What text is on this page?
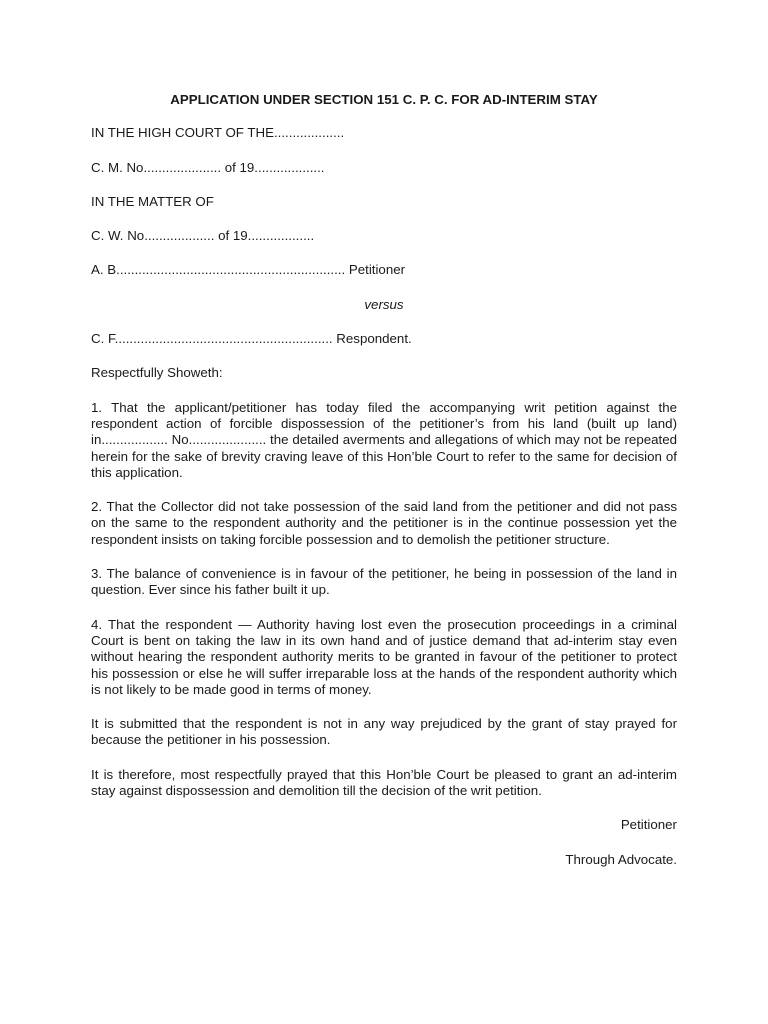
APPLICATION UNDER SECTION 151 C. P. C. FOR AD-INTERIM STAY
IN THE HIGH COURT OF THE...................
C. M. No..................... of 19...................
IN THE MATTER OF
C. W. No................... of 19..................
A. B.............................................................. Petitioner
versus
C. F........................................................... Respondent.
Respectfully Showeth:
1. That the applicant/petitioner has today filed the accompanying writ petition against the respondent action of forcible dispossession of the petitioner’s from his land (built up land) in.................. No..................... the detailed averments and allegations of which may not be repeated herein for the sake of brevity craving leave of this Hon’ble Court to refer to the same for decision of this application.
2. That the Collector did not take possession of the said land from the petitioner and did not pass on the same to the respondent authority and the petitioner is in the continue possession yet the respondent insists on taking forcible possession and to demolish the petitioner structure.
3. The balance of convenience is in favour of the petitioner, he being in possession of the land in question. Ever since his father built it up.
4. That the respondent — Authority having lost even the prosecution proceedings in a criminal Court is bent on taking the law in its own hand and of justice demand that ad-interim stay even without hearing the respondent authority merits to be granted in favour of the petitioner to protect his possession or else he will suffer irreparable loss at the hands of the respondent authority which is not likely to be made good in terms of money.
It is submitted that the respondent is not in any way prejudiced by the grant of stay prayed for because the petitioner in his possession.
It is therefore, most respectfully prayed that this Hon’ble Court be pleased to grant an ad-interim stay against dispossession and demolition till the decision of the writ petition.
Petitioner
Through Advocate.
